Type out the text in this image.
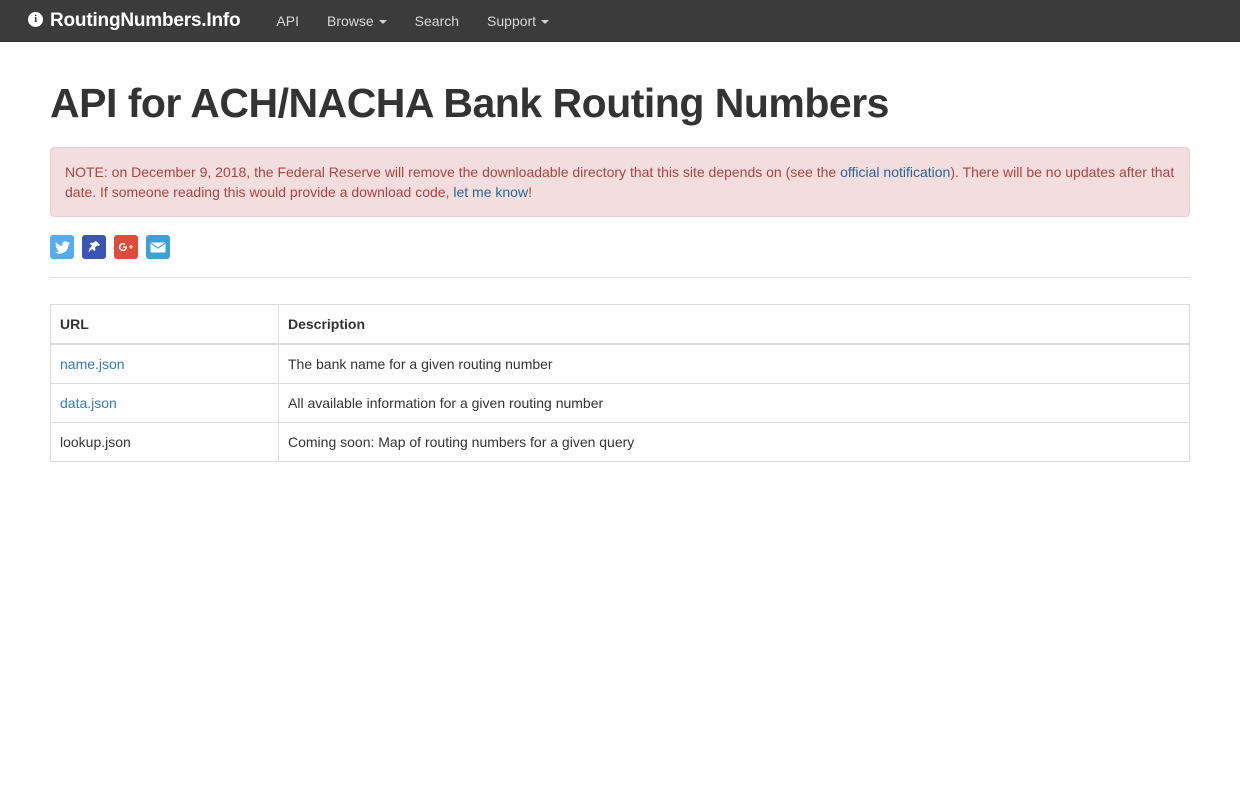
i RoutingNumbers.Info	API Browse	Search Support
API for ACH/NACHA Bank Routing Numbers
NOTE: on December 9, 2018, the Federal Reserve will remove the downloadable directory that this site depends on (see the official notification). There will be no updates after that date. If someone reading this would provide a download code, let me know!
URL	Description
name.json	The bank name for a given routing number
data.json	All available information for a given routing number
lookup.json	Coming soon: Map of routing numbers for a given query
